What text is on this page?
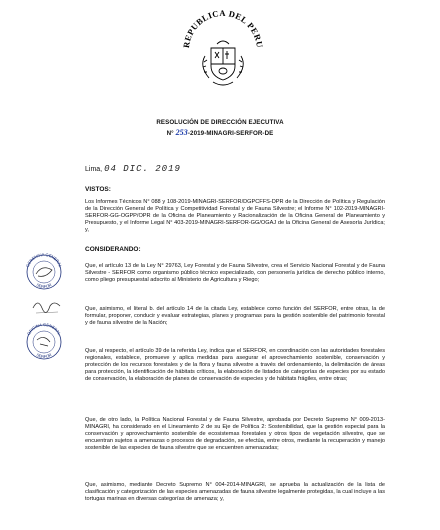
REPUBLICA DEL PERU
RESOLUCIÓN DE DIRECCIÓN EJECUTIVA
N° 253-2019-MINAGRI-SERFOR-DE
Lima, 04 DIC. 2019
VISTOS:

Los Informes Técnicos N° 088 y 108-2019-MINAGRI-SERFOR/DGPCFFS-DPR de la Dirección de Política y Regulación de la Dirección General de Política y Competitividad Forestal y de Fauna Silvestre; el Informe N° 102-2019-MINAGRI-SERFOR-GG-OGPP/OPR de la Oficina de Planeamiento y Racionalización de la Oficina General de Planeamiento y Presupuesto, y el Informe Legal N° 403-2019-MINAGRI-SERFOR-GG/OGAJ de la Oficina General de Asesoría Jurídica; y,

CONSIDERANDO:

Que, el artículo 13 de la Ley N° 29763, Ley Forestal y de Fauna Silvestre, crea el Servicio Nacional Forestal y de Fauna Silvestre - SERFOR como organismo público técnico especializado, con personería jurídica de derecho público interno, como pliego presupuestal adscrito al Ministerio de Agricultura y Riego;

Que, asimismo, el literal b. del artículo 14 de la citada Ley, establece como función del SERFOR, entre otras, la de formular, proponer, conducir y evaluar estrategias, planes y programas para la gestión sostenible del patrimonio forestal y de fauna silvestre de la Nación;

Que, al respecto, el artículo 39 de la referida Ley, indica que el SERFOR, en coordinación con las autoridades forestales regionales, establece, promueve y aplica medidas para asegurar el aprovechamiento sostenible, conservación y protección de los recursos forestales y de la flora y fauna silvestre a través del ordenamiento, la delimitación de áreas para protección, la identificación de hábitats críticos, la elaboración de listados de categorías de especies por su estado de conservación, la elaboración de planes de conservación de especies y de hábitats frágiles, entre otras;

Que, de otro lado, la Política Nacional Forestal y de Fauna Silvestre, aprobada por Decreto Supremo N° 009-2013-MINAGRI, ha considerado en el Lineamiento 2 de su Eje de Política 2: Sostenibilidad, que la gestión especial para la conservación y aprovechamiento sostenible de ecosistemas forestales y otros tipos de vegetación silvestre, que se encuentran sujetos a amenazas o procesos de degradación, se efectúa, entre otros, mediante la recuperación y manejo sostenible de las especies de fauna silvestre que se encuentren amenazadas;

Que, asimismo, mediante Decreto Supremo N° 004-2014-MINAGRI, se aprueba la actualización de la lista de clasificación y categorización de las especies amenazadas de fauna silvestre legalmente protegidas, la cual incluye a las tortugas marinas en diversas categorías de amenaza; y,

GERENCIA GENERAL
SERFOR
OFICINA GENERAL
SERFOR
